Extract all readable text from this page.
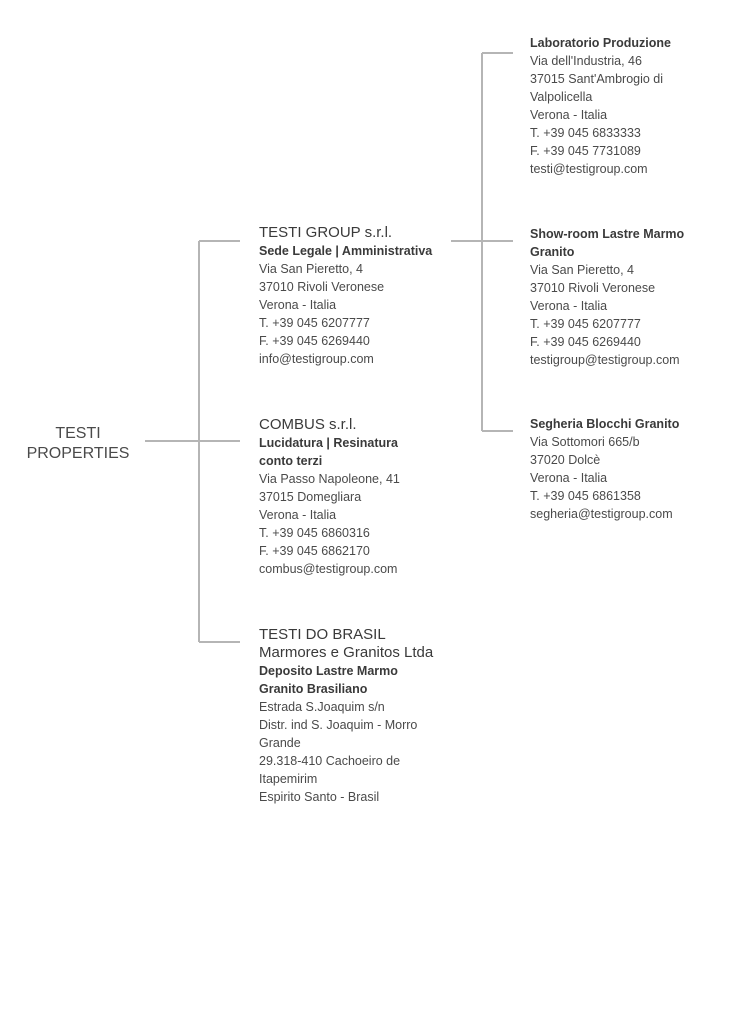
TESTI
PROPERTIES
TESTI GROUP s.r.l.
Sede Legale | Amministrativa
Via San Pieretto, 4
37010 Rivoli Veronese
Verona - Italia
T. +39 045 6207777
F. +39 045 6269440
info@testigroup.com
COMBUS s.r.l.
Lucidatura | Resinatura
conto terzi
Via Passo Napoleone, 41
37015 Domegliara
Verona - Italia
T. +39 045 6860316
F. +39 045 6862170
combus@testigroup.com
TESTI DO BRASIL
Marmores e Granitos Ltda
Deposito Lastre Marmo
Granito Brasiliano
Estrada S.Joaquim s/n
Distr. ind S. Joaquim - Morro
Grande
29.318-410 Cachoeiro de
Itapemirim
Espirito Santo - Brasil
Laboratorio Produzione
Via dell'Industria, 46
37015 Sant'Ambrogio di
Valpolicella
Verona - Italia
T. +39 045 6833333
F. +39 045 7731089
testi@testigroup.com
Show-room Lastre Marmo
Granito
Via San Pieretto, 4
37010 Rivoli Veronese
Verona - Italia
T. +39 045 6207777
F. +39 045 6269440
testigroup@testigroup.com
Segheria Blocchi Granito
Via Sottomori 665/b
37020 Dolcè
Verona - Italia
T. +39 045 6861358
segheria@testigroup.com
